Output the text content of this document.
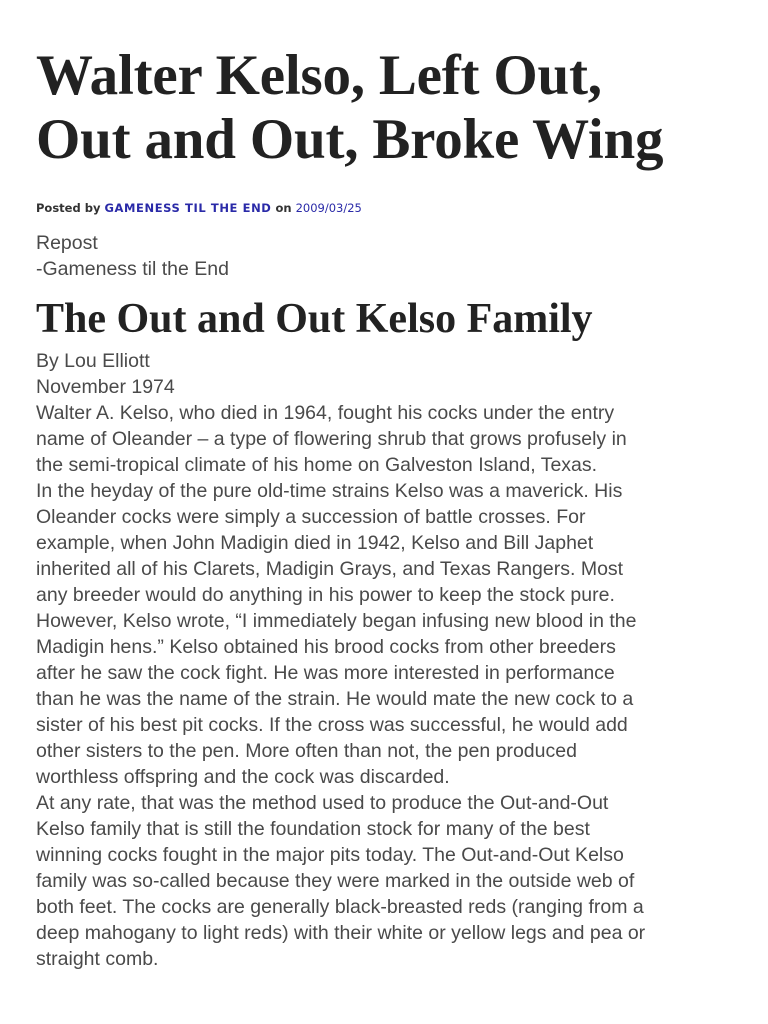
Walter Kelso, Left Out,
Out and Out, Broke Wing
Posted by GAMENESS TIL THE END on 2009/03/25
Repost
-Gameness til the End
The Out and Out Kelso Family
By Lou Elliott
November 1974
Walter A. Kelso, who died in 1964, fought his cocks under the entry
name of Oleander – a type of flowering shrub that grows profusely in
the semi-tropical climate of his home on Galveston Island, Texas.
In the heyday of the pure old-time strains Kelso was a maverick. His
Oleander cocks were simply a succession of battle crosses. For
example, when John Madigin died in 1942, Kelso and Bill Japhet
inherited all of his Clarets, Madigin Grays, and Texas Rangers. Most
any breeder would do anything in his power to keep the stock pure.
However, Kelso wrote, “I immediately began infusing new blood in the
Madigin hens.” Kelso obtained his brood cocks from other breeders
after he saw the cock fight. He was more interested in performance
than he was the name of the strain. He would mate the new cock to a
sister of his best pit cocks. If the cross was successful, he would add
other sisters to the pen. More often than not, the pen produced
worthless offspring and the cock was discarded.
At any rate, that was the method used to produce the Out-and-Out
Kelso family that is still the foundation stock for many of the best
winning cocks fought in the major pits today. The Out-and-Out Kelso
family was so-called because they were marked in the outside web of
both feet. The cocks are generally black-breasted reds (ranging from a
deep mahogany to light reds) with their white or yellow legs and pea or
straight comb.
